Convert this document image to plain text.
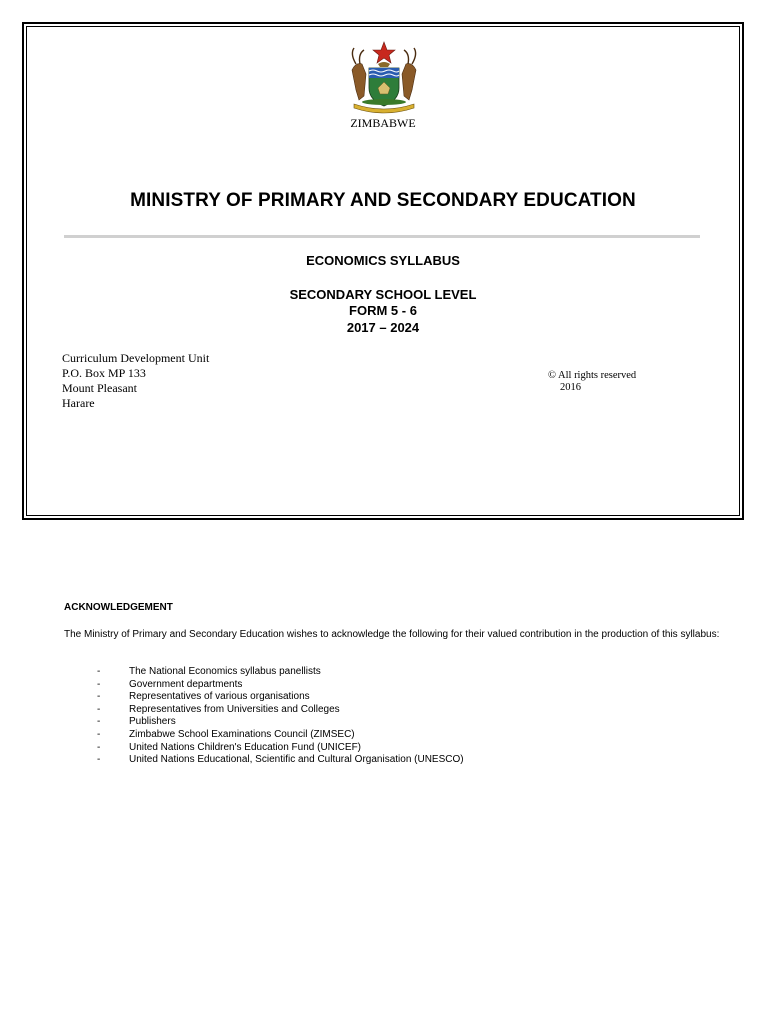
ZIMBABWE
MINISTRY OF PRIMARY AND SECONDARY EDUCATION
ECONOMICS SYLLABUS
SECONDARY SCHOOL LEVEL
FORM 5 - 6
2017 – 2024
Curriculum Development Unit
P.O. Box MP 133
Mount Pleasant
Harare
© All rights reserved
2016
ACKNOWLEDGEMENT
The Ministry of Primary and Secondary Education wishes to acknowledge the following for their valued contribution in the production of this syllabus:
-	The National Economics syllabus panellists
-	Government departments
-	Representatives of various organisations
-	Representatives from Universities and Colleges
-	Publishers
-	Zimbabwe School Examinations Council (ZIMSEC)
-	United Nations Children's Education Fund (UNICEF)
-	United Nations Educational, Scientific and Cultural Organisation (UNESCO)
